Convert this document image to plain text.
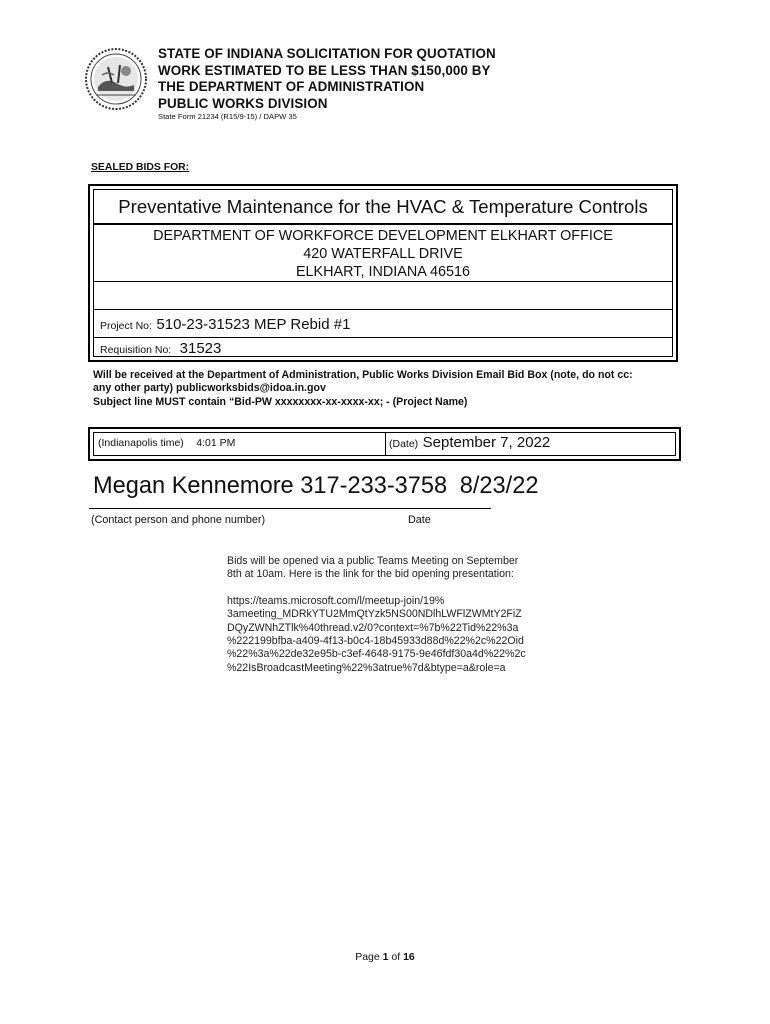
STATE OF INDIANA SOLICITATION FOR QUOTATION
WORK ESTIMATED TO BE LESS THAN $150,000 BY
THE DEPARTMENT OF ADMINISTRATION
PUBLIC WORKS DIVISION
State Form 21234 (R15/9-15) / DAPW 35
SEALED BIDS FOR:
Preventative Maintenance for the HVAC & Temperature Controls
DEPARTMENT OF WORKFORCE DEVELOPMENT ELKHART OFFICE
420 WATERFALL DRIVE
ELKHART, INDIANA 46516
Project No: 510-23-31523 MEP Rebid #1
Requisition No: 31523
Will be received at the Department of Administration, Public Works Division Email Bid Box (note, do not cc:
any other party) publicworksbids@idoa.in.gov
Subject line MUST contain “Bid-PW xxxxxxxx-xx-xxxx-xx; - (Project Name)
(Indianapolis time) 4:01 PM	(Date) September 7, 2022
Megan Kennemore 317-233-3758 8/23/22
(Contact person and phone number)	Date
Bids will be opened via a public Teams Meeting on September
8th at 10am. Here is the link for the bid opening presentation:
https://teams.microsoft.com/l/meetup-join/19%
3ameeting_MDRkYTU2MmQtYzk5NS00NDlhLWFlZWMtY2FiZ
DQyZWNhZTlk%40thread.v2/0?context=%7b%22Tid%22%3a
%222199bfba-a409-4f13-b0c4-18b45933d88d%22%2c%22Oid
%22%3a%22de32e95b-c3ef-4648-9175-9e46fdf30a4d%22%2c
%22IsBroadcastMeeting%22%3atrue%7d&btype=a&role=a
Page 1 of 16
